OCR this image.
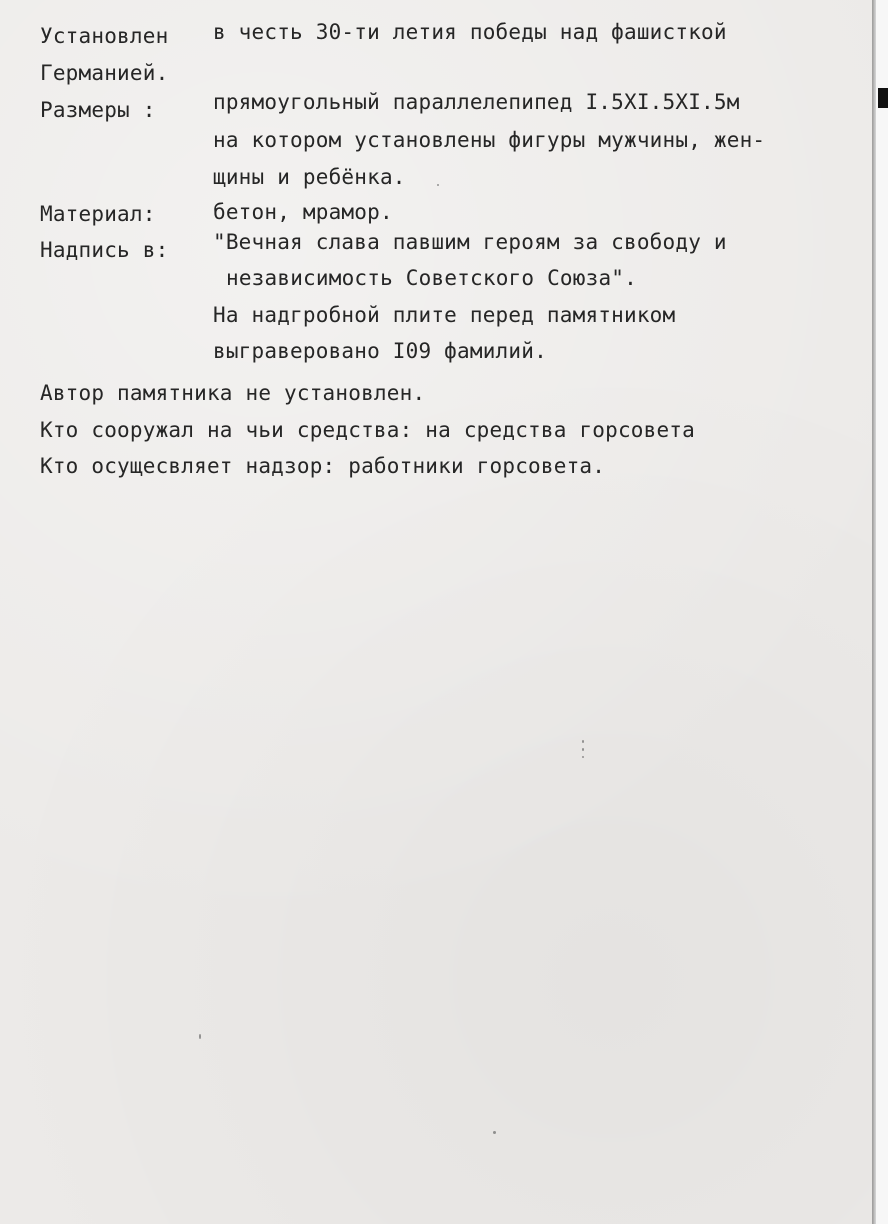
Установлен в честь 30-ти летия победы над фашисткой
Германией.
Размеры :	прямоугольный параллелепипед I.5XI.5XI.5м
на котором установлены фигуры мужчины, жен-
щины и ребёнка.
Материал:	бетон, мрамор.
Надпись в: "Вечная слава павшим героям за свободу и
независимость Советского Союза".
На надгробной плите перед памятником
выграверовано I09 фамилий.
Автор памятника не установлен.
Кто сооружал на чьи средства: на средства горсовета
Кто осущесвляет надзор: работники горсовета.
